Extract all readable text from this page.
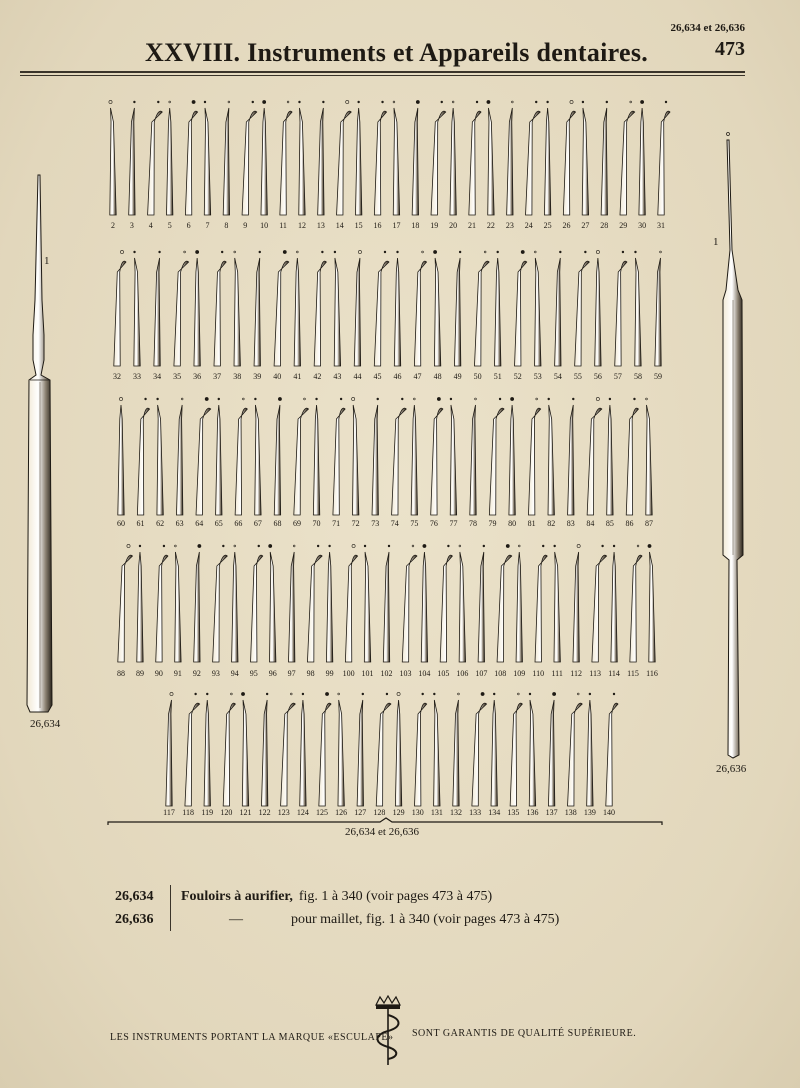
26,634 et 26,636
XXVIII. Instruments et Appareils dentaires.	473
2 3 4 5 6 7 8 9 10 11 12 13 14 15 16 17 18 19 20 21 22 23 24 25 26 27 28 29 30 31
32 33 34 35 36 37 38 39 40 41 42 43 44 45 46 47 48 49 50 51 52 53 54 55 56 57 58 59
60 61 62 63 64 65 66 67 68 69 70 71 72 73 74 75 76 77 78 79 80 81 82 83 84 85 86 87
88 89 90 91 92 93 94 95 96 97 98 99 100 101 102 103 104 105 106 107 108 109 110 111 112 113 114 115 116
117 118 119 120 121 122 123 124 125 126 127 128 129 130 131 132 133 134 135 136 137 138 139 140
1
26,634
1
26,636
26,634 et 26,636
26,634	Fouloirs à aurifier, fig. 1 à 340 (voir pages 473 à 475)
26,636	—	pour maillet, fig. 1 à 340 (voir pages 473 à 475)
LES INSTRUMENTS PORTANT LA MARQUE «ESCULAPE» SONT GARANTIS DE QUALITÉ SUPÉRIEURE.
